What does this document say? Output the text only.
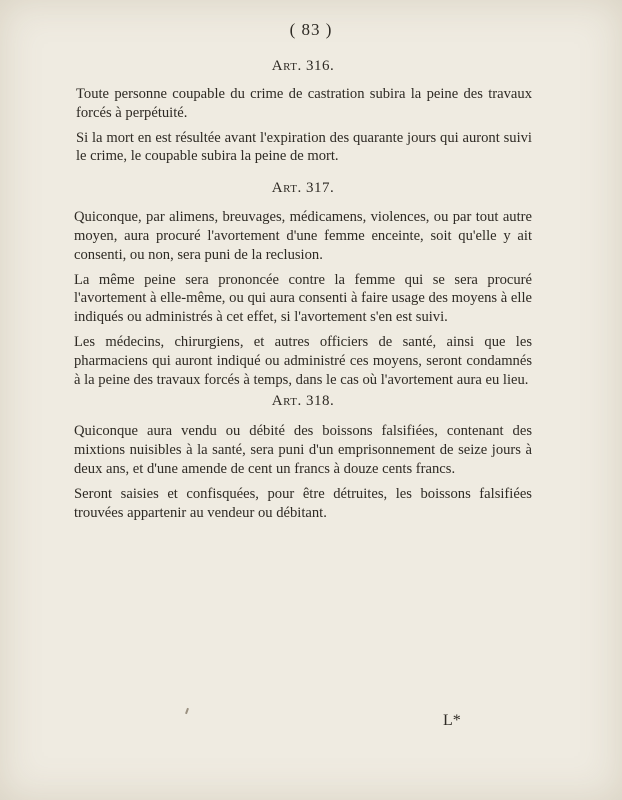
( 83 )

Art. 316.

Toute personne coupable du crime de castration subira la peine des travaux forcés à perpétuité.

Si la mort en est résultée avant l'expiration des quarante jours qui auront suivi le crime, le coupable subira la peine de mort.

Art. 317.

Quiconque, par alimens, breuvages, médicamens, violences, ou par tout autre moyen, aura procuré l'avortement d'une femme enceinte, soit qu'elle y ait consenti, ou non, sera puni de la reclusion.

La même peine sera prononcée contre la femme qui se sera procuré l'avortement à elle-même, ou qui aura consenti à faire usage des moyens à elle indiqués ou administrés à cet effet, si l'avortement s'en est suivi.

Les médecins, chirurgiens, et autres officiers de santé, ainsi que les pharmaciens qui auront indiqué ou administré ces moyens, seront condamnés à la peine des travaux forcés à temps, dans le cas où l'avortement aura eu lieu.

Art. 318.

Quiconque aura vendu ou débité des boissons falsifiées, contenant des mixtions nuisibles à la santé, sera puni d'un emprisonnement de seize jours à deux ans, et d'une amende de cent un francs à douze cents francs.

Seront saisies et confisquées, pour être détruites, les boissons falsifiées trouvées appartenir au vendeur ou débitant.

L*
